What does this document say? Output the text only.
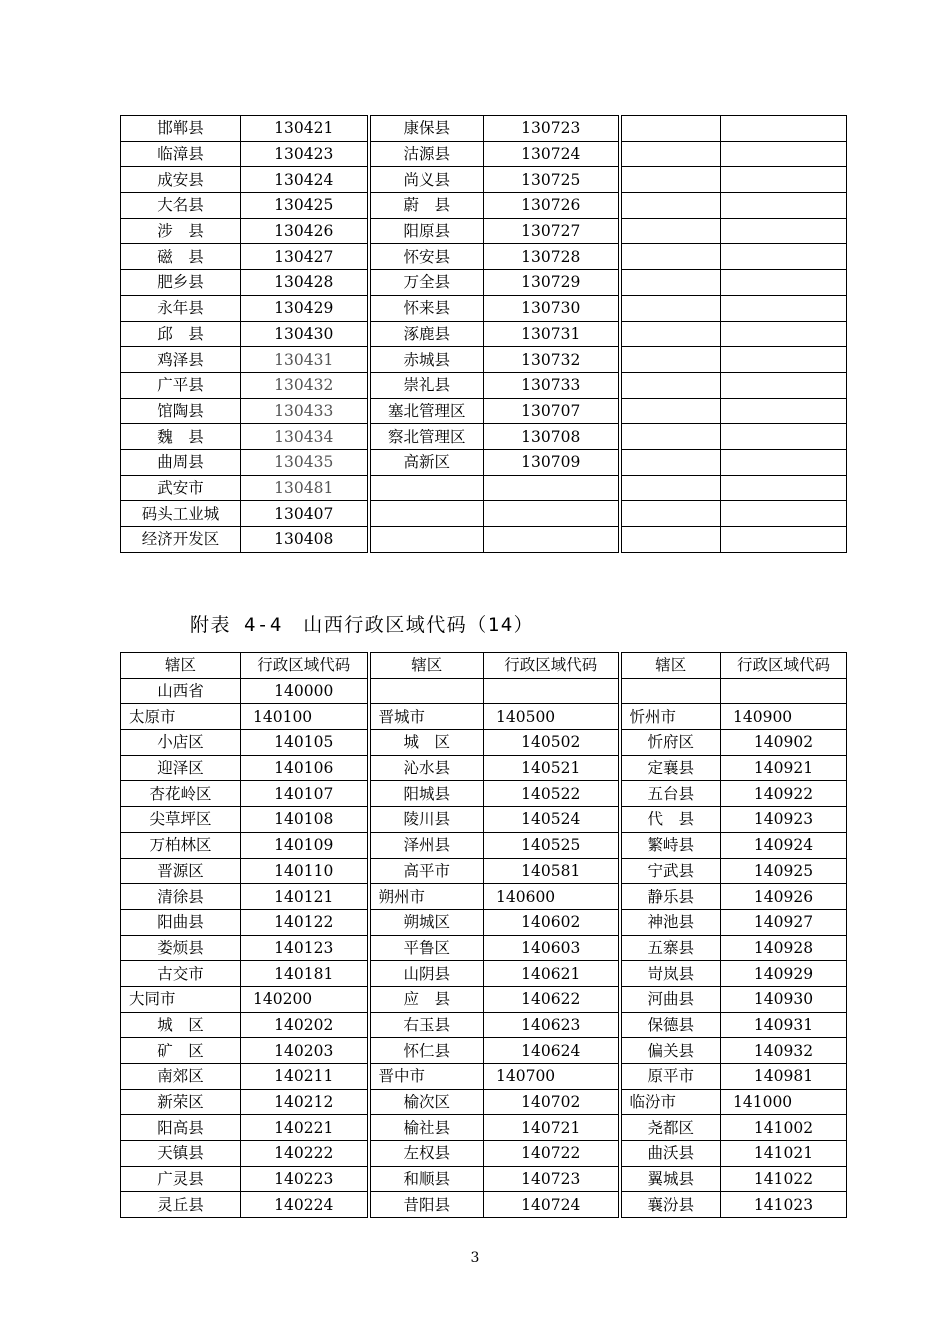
邯郸县	130421	康保县	130723		
临漳县	130423	沽源县	130724		
成安县	130424	尚义县	130725		
大名县	130425	蔚　县	130726		
涉　县	130426	阳原县	130727		
磁　县	130427	怀安县	130728		
肥乡县	130428	万全县	130729		
永年县	130429	怀来县	130730		
邱　县	130430	涿鹿县	130731		
鸡泽县	130431	赤城县	130732		
广平县	130432	崇礼县	130733		
馆陶县	130433	塞北管理区	130707		
魏　县	130434	察北管理区	130708		
曲周县	130435	高新区	130709		
武安市	130481				
码头工业城	130407				
经济开发区	130408				
附表 4-4　山西行政区域代码（14）
辖区	行政区域代码	辖区	行政区域代码	辖区	行政区域代码
山西省	140000				
太原市	140100	晋城市	140500	忻州市	140900
小店区	140105	城　区	140502	忻府区	140902
迎泽区	140106	沁水县	140521	定襄县	140921
杏花岭区	140107	阳城县	140522	五台县	140922
尖草坪区	140108	陵川县	140524	代　县	140923
万柏林区	140109	泽州县	140525	繁峙县	140924
晋源区	140110	高平市	140581	宁武县	140925
清徐县	140121	朔州市	140600	静乐县	140926
阳曲县	140122	朔城区	140602	神池县	140927
娄烦县	140123	平鲁区	140603	五寨县	140928
古交市	140181	山阴县	140621	岢岚县	140929
大同市	140200	应　县	140622	河曲县	140930
城　区	140202	右玉县	140623	保德县	140931
矿　区	140203	怀仁县	140624	偏关县	140932
南郊区	140211	晋中市	140700	原平市	140981
新荣区	140212	榆次区	140702	临汾市	141000
阳高县	140221	榆社县	140721	尧都区	141002
天镇县	140222	左权县	140722	曲沃县	141021
广灵县	140223	和顺县	140723	翼城县	141022
灵丘县	140224	昔阳县	140724	襄汾县	141023
3
